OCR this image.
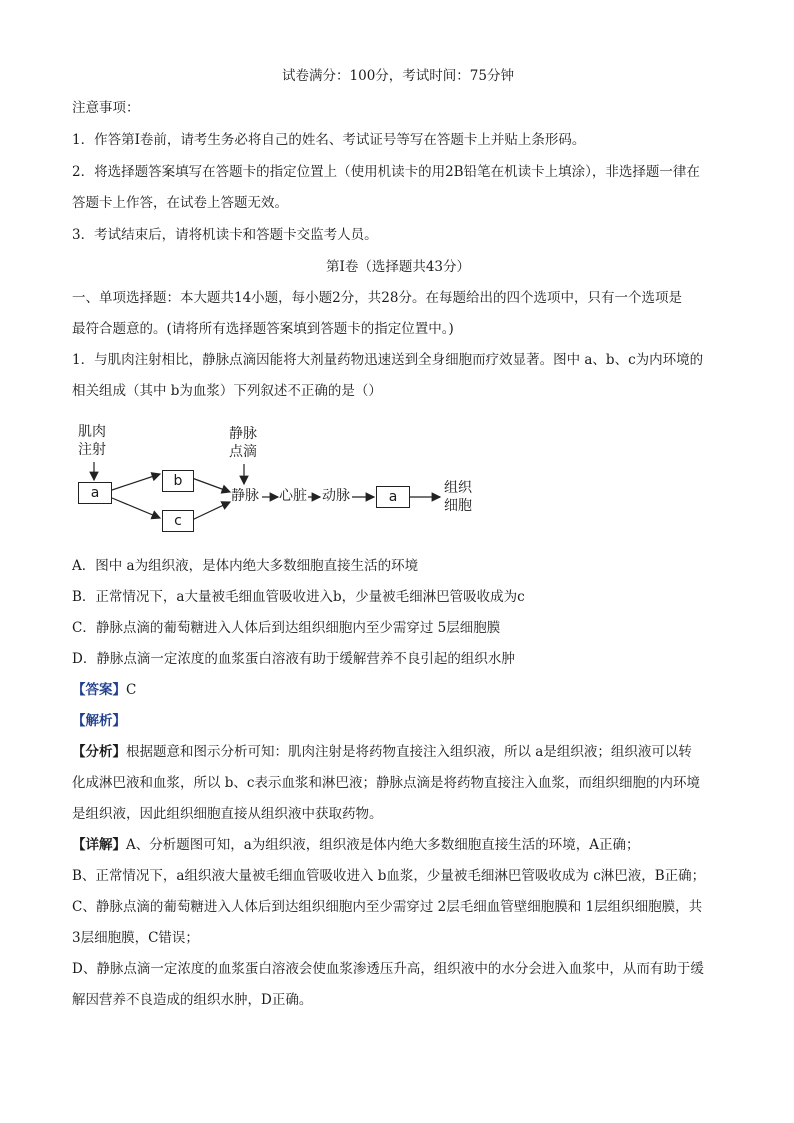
试卷满分：100分，考试时间：75分钟
注意事项：
1．作答第Ⅰ卷前，请考生务必将自己的姓名、考试证号等写在答题卡上并贴上条形码。
2．将选择题答案填写在答题卡的指定位置上（使用机读卡的用2B铅笔在机读卡上填涂），非选择题一律在
答题卡上作答，在试卷上答题无效。
3．考试结束后，请将机读卡和答题卡交监考人员。
第Ⅰ卷（选择题共43分）
一、单项选择题：本大题共14小题，每小题2分，共28分。在每题给出的四个选项中，只有一个选项是
最符合题意的。(请将所有选择题答案填到答题卡的指定位置中。)
1．与肌肉注射相比，静脉点滴因能将大剂量药物迅速送到全身细胞而疗效显著。图中 a、b、c为内环境的
相关组成（其中 b为血浆）下列叙述不正确的是（）
肌肉
注射
静脉
点滴
a
b
c
静脉 心脏 动脉	a
组织
细胞
A．图中 a为组织液，是体内绝大多数细胞直接生活的环境
B．正常情况下，a大量被毛细血管吸收进入b，少量被毛细淋巴管吸收成为c
C．静脉点滴的葡萄糖进入人体后到达组织细胞内至少需穿过 5层细胞膜
D．静脉点滴一定浓度的血浆蛋白溶液有助于缓解营养不良引起的组织水肿
【答案】C
【解析】
【分析】根据题意和图示分析可知：肌肉注射是将药物直接注入组织液，所以 a是组织液；组织液可以转
化成淋巴液和血浆，所以 b、c表示血浆和淋巴液；静脉点滴是将药物直接注入血浆，而组织细胞的内环境
是组织液，因此组织细胞直接从组织液中获取药物。
【详解】A、分析题图可知，a为组织液，组织液是体内绝大多数细胞直接生活的环境，A正确；
B、正常情况下，a组织液大量被毛细血管吸收进入 b血浆，少量被毛细淋巴管吸收成为 c淋巴液，B正确；
C、静脉点滴的葡萄糖进入人体后到达组织细胞内至少需穿过 2层毛细血管壁细胞膜和 1层组织细胞膜，共
3层细胞膜，C错误；
D、静脉点滴一定浓度的血浆蛋白溶液会使血浆渗透压升高，组织液中的水分会进入血浆中，从而有助于缓
解因营养不良造成的组织水肿，D正确。
